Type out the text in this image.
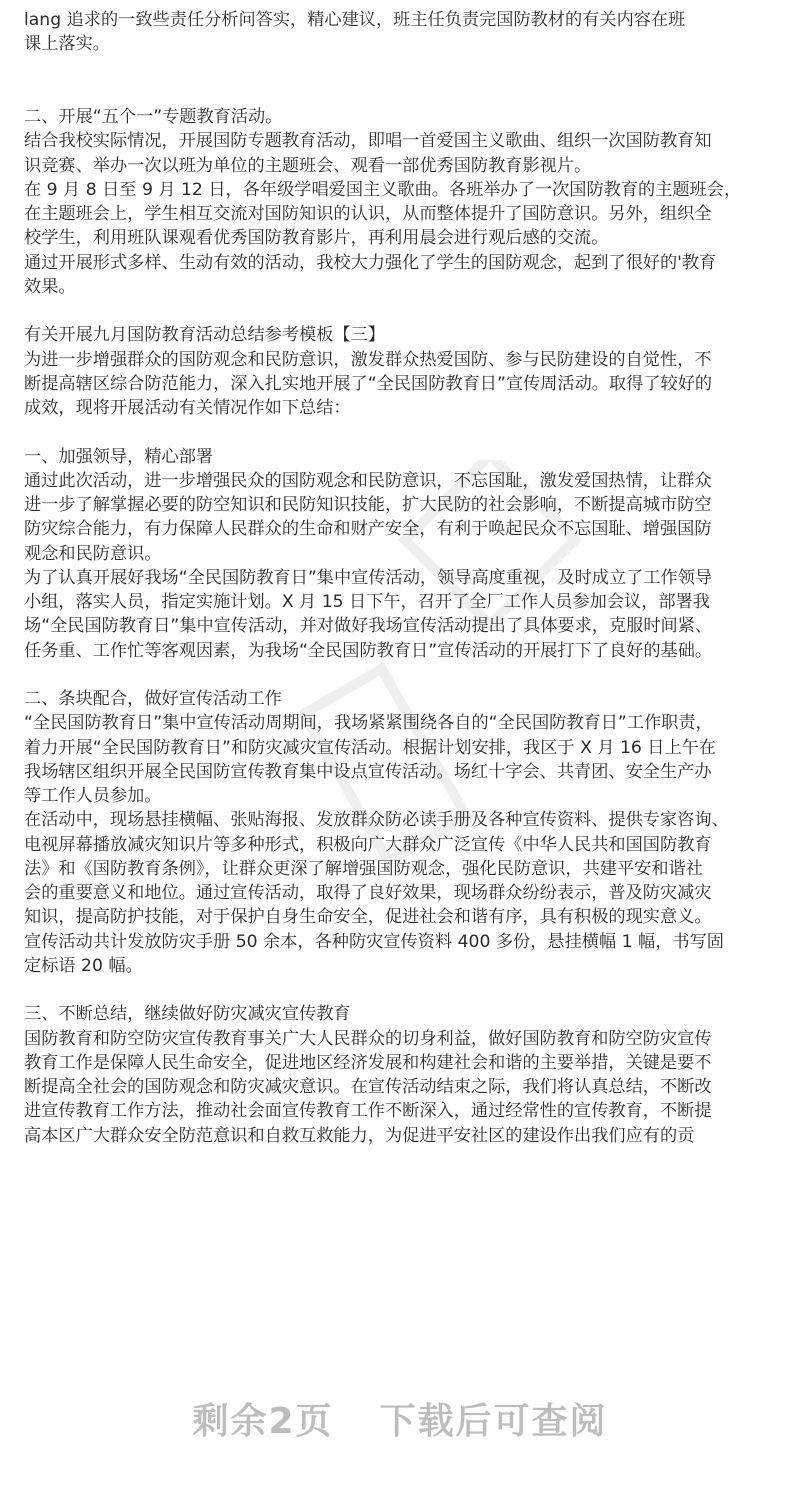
lang 追求的一致些责任分析问答实，精心建议，班主任负责完国防教材的有关内容在班
课上落实。
二、开展“五个一”专题教育活动。
结合我校实际情况，开展国防专题教育活动，即唱一首爱国主义歌曲、组织一次国防教育知
识竞赛、举办一次以班为单位的主题班会、观看一部优秀国防教育影视片。
在 9 月 8 日至 9 月 12 日，各年级学唱爱国主义歌曲。各班举办了一次国防教育的主题班会，
在主题班会上，学生相互交流对国防知识的认识，从而整体提升了国防意识。另外，组织全
校学生，利用班队课观看优秀国防教育影片，再利用晨会进行观后感的交流。
通过开展形式多样、生动有效的活动，我校大力强化了学生的国防观念，起到了很好的'教育
效果。
有关开展九月国防教育活动总结参考模板【三】
为进一步增强群众的国防观念和民防意识，激发群众热爱国防、参与民防建设的自觉性，不
断提高辖区综合防范能力，深入扎实地开展了“全民国防教育日”宣传周活动。取得了较好的
成效，现将开展活动有关情况作如下总结：
一、加强领导，精心部署
通过此次活动，进一步增强民众的国防观念和民防意识，不忘国耻，激发爱国热情，让群众
进一步了解掌握必要的防空知识和民防知识技能，扩大民防的社会影响，不断提高城市防空
防灾综合能力，有力保障人民群众的生命和财产安全，有利于唤起民众不忘国耻、增强国防
观念和民防意识。
为了认真开展好我场“全民国防教育日”集中宣传活动，领导高度重视，及时成立了工作领导
小组，落实人员，指定实施计划。X 月 15 日下午，召开了全厂工作人员参加会议，部署我
场“全民国防教育日”集中宣传活动，并对做好我场宣传活动提出了具体要求，克服时间紧、
任务重、工作忙等客观因素，为我场“全民国防教育日”宣传活动的开展打下了良好的基础。
二、条块配合，做好宣传活动工作
“全民国防教育日”集中宣传活动周期间，我场紧紧围绕各自的“全民国防教育日”工作职责，
着力开展“全民国防教育日”和防灾减灾宣传活动。根据计划安排，我区于 X 月 16 日上午在
我场辖区组织开展全民国防宣传教育集中设点宣传活动。场红十字会、共青团、安全生产办
等工作人员参加。
在活动中，现场悬挂横幅、张贴海报、发放群众防必读手册及各种宣传资料、提供专家咨询、
电视屏幕播放减灾知识片等多种形式，积极向广大群众广泛宣传《中华人民共和国国防教育
法》和《国防教育条例》，让群众更深了解增强国防观念，强化民防意识，共建平安和谐社
会的重要意义和地位。通过宣传活动，取得了良好效果，现场群众纷纷表示，普及防灾减灾
知识，提高防护技能，对于保护自身生命安全，促进社会和谐有序，具有积极的现实意义。
宣传活动共计发放防灾手册 50 余本，各种防灾宣传资料 400 多份，悬挂横幅 1 幅，书写固
定标语 20 幅。
三、不断总结，继续做好防灾减灾宣传教育
国防教育和防空防灾宣传教育事关广大人民群众的切身利益，做好国防教育和防空防灾宣传
教育工作是保障人民生命安全，促进地区经济发展和构建社会和谐的主要举措，关键是要不
断提高全社会的国防观念和防灾减灾意识。在宣传活动结束之际，我们将认真总结，不断改
进宣传教育工作方法，推动社会面宣传教育工作不断深入，通过经常性的宣传教育，不断提
高本区广大群众安全防范意识和自救互救能力，为促进平安社区的建设作出我们应有的贡
剩余2页 下载后可查阅
